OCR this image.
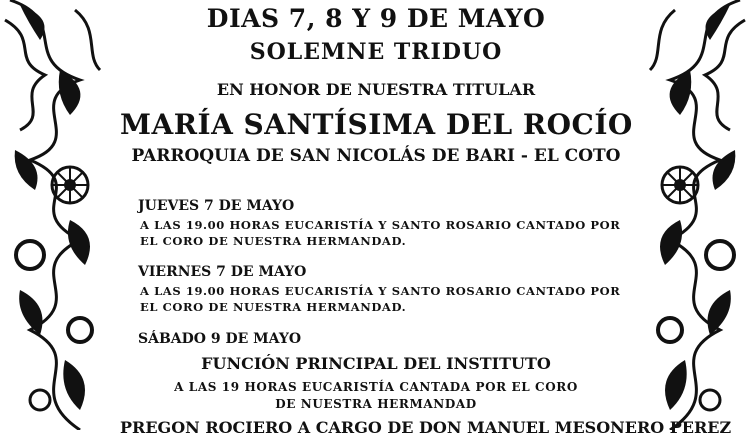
DIAS 7, 8 Y 9 DE MAYO
SOLEMNE TRIDUO
EN HONOR DE NUESTRA TITULAR
MARÍA SANTÍSIMA DEL ROCÍO
PARROQUIA DE SAN NICOLÁS DE BARI - EL COTO
JUEVES 7 DE MAYO
A LAS 19.00 HORAS EUCARISTÍA Y SANTO ROSARIO CANTADO POR
EL CORO DE NUESTRA HERMANDAD.
VIERNES 7 DE MAYO
A LAS 19.00 HORAS EUCARISTÍA Y SANTO ROSARIO CANTADO POR
EL CORO DE NUESTRA HERMANDAD.
SÁBADO 9 DE MAYO
FUNCIÓN PRINCIPAL DEL INSTITUTO
A LAS 19 HORAS EUCARISTÍA CANTADA POR EL CORO
DE NUESTRA HERMANDAD
PREGON ROCIERO A CARGO DE DON MANUEL MESONERO PEREZ
